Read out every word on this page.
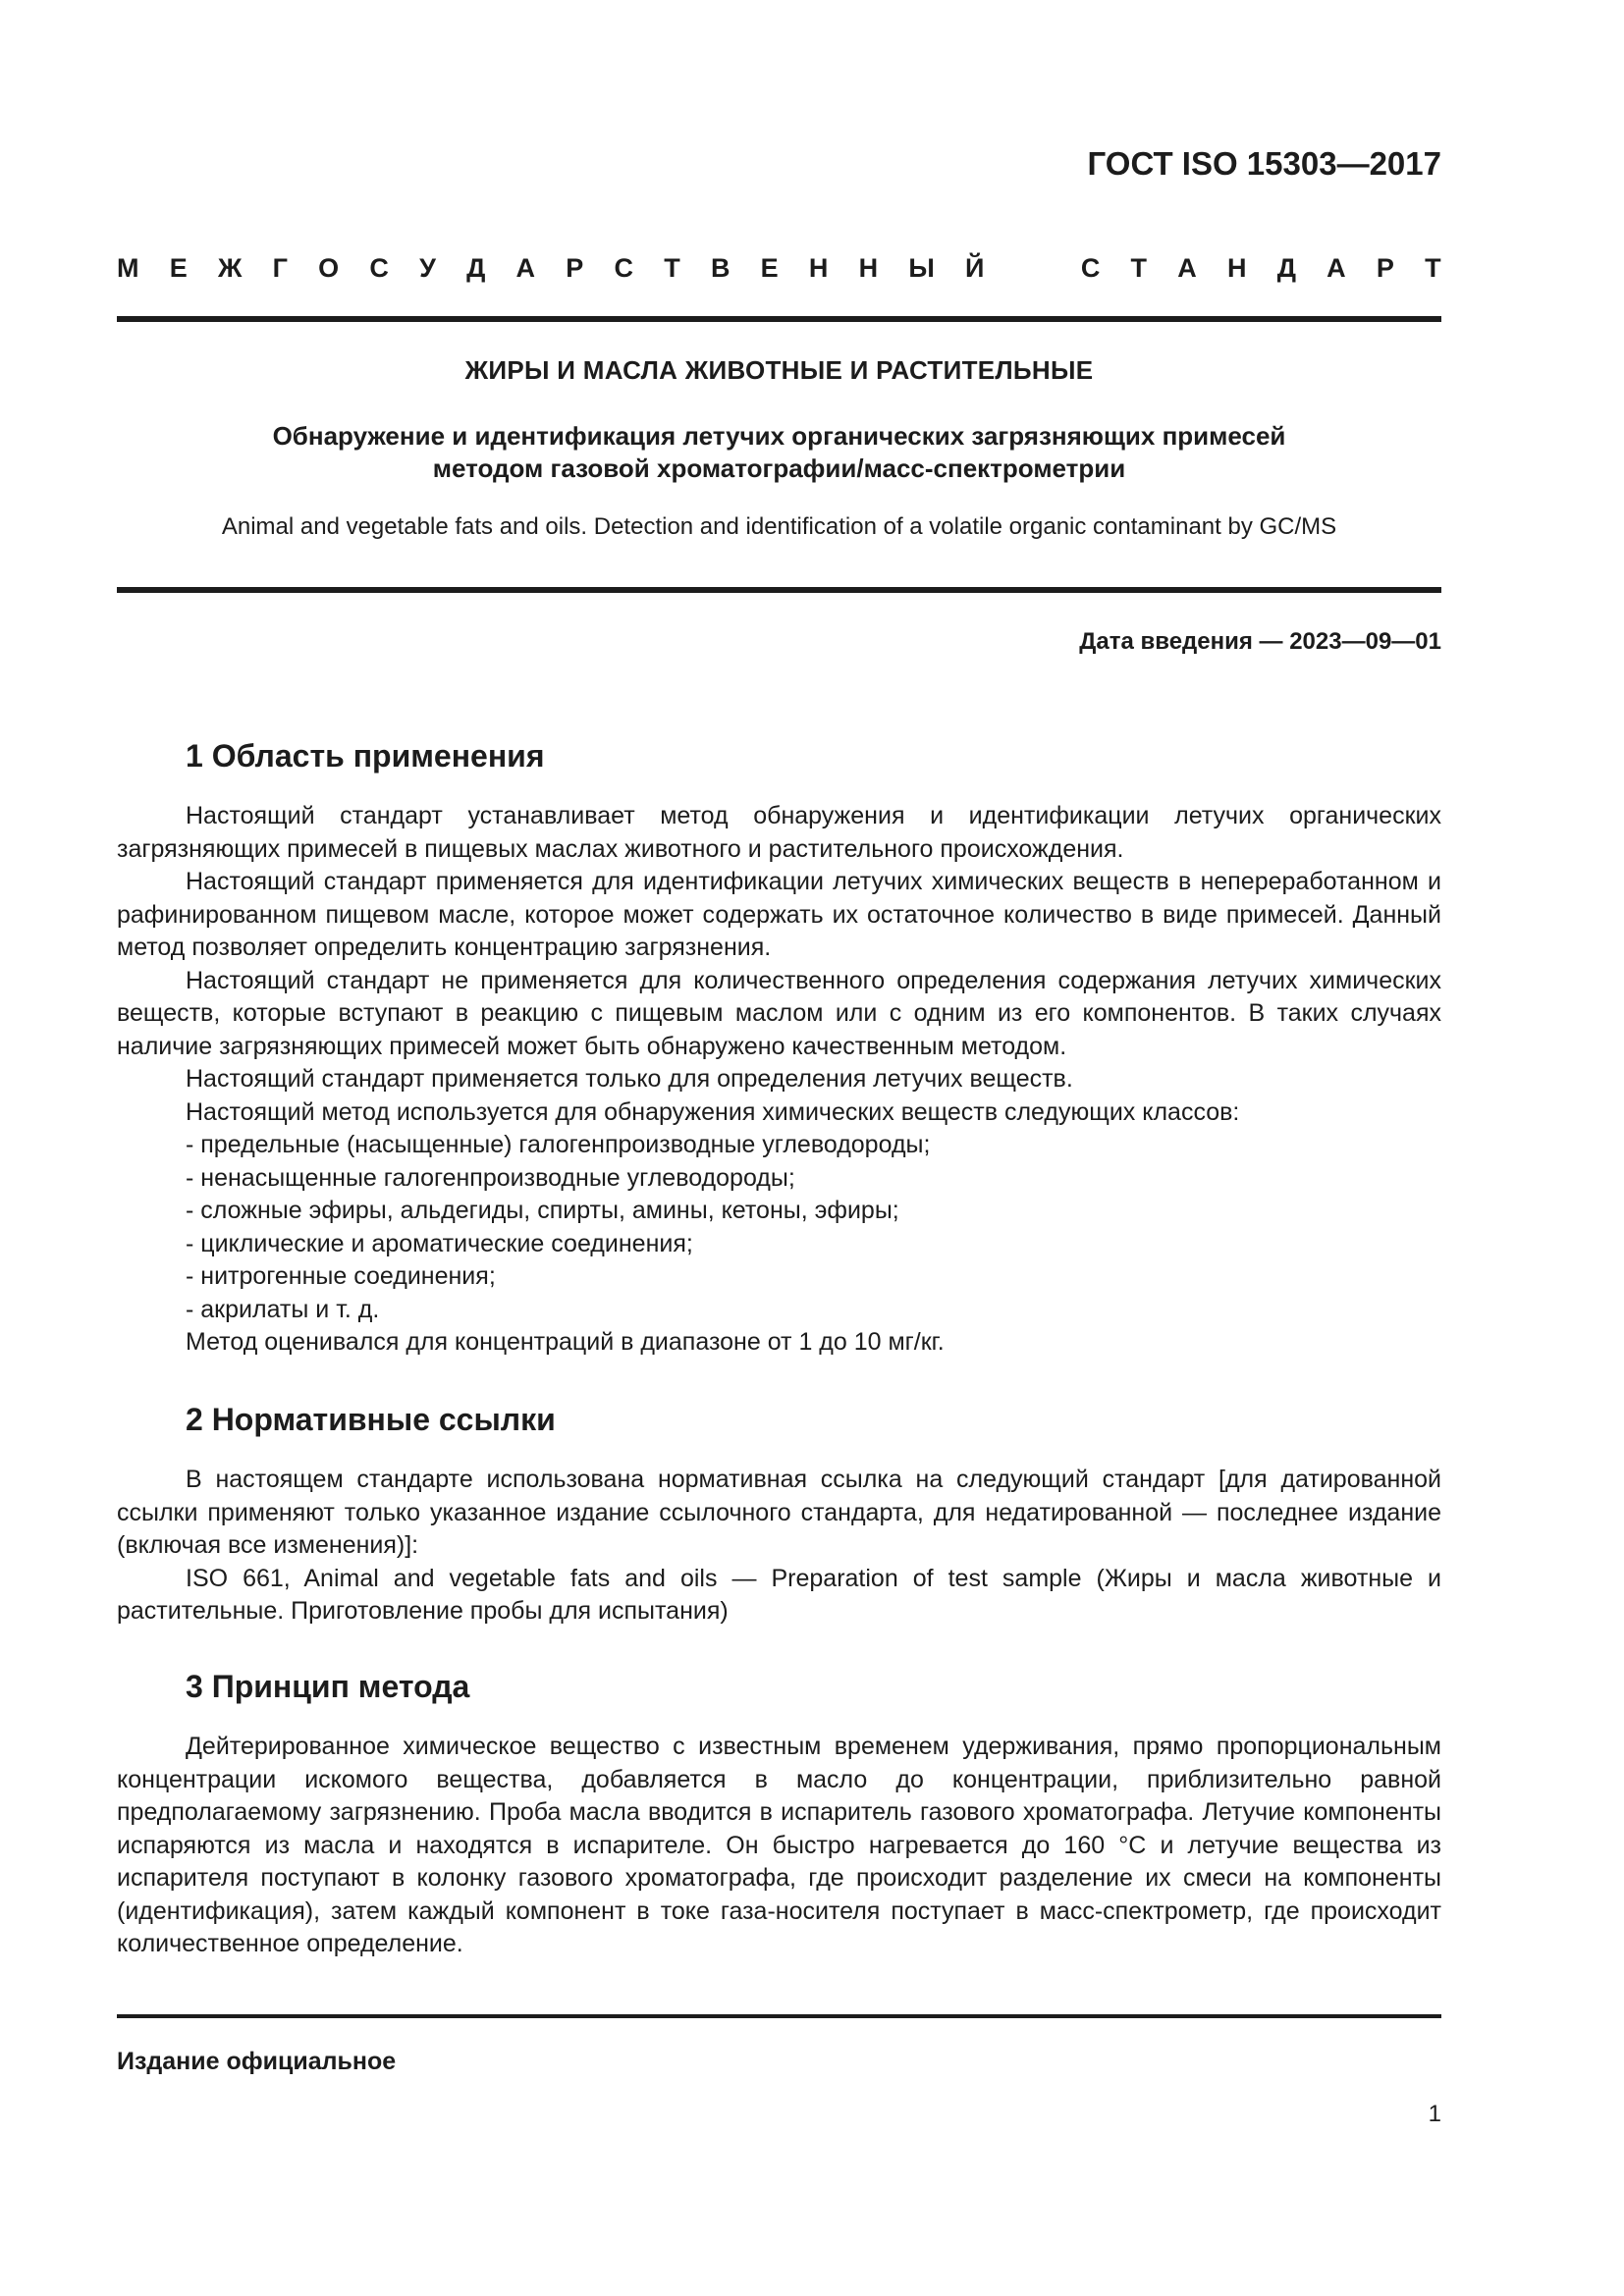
ГОСТ ISO 15303—2017
М Е Ж Г О С У Д А Р С Т В Е Н Н Ы Й	С Т А Н Д А Р Т
ЖИРЫ И МАСЛА ЖИВОТНЫЕ И РАСТИТЕЛЬНЫЕ
Обнаружение и идентификация летучих органических загрязняющих примесей
методом газовой хроматографии/масс-спектрометрии
Animal and vegetable fats and oils. Detection and identification of a volatile organic contaminant by GC/MS
Дата введения — 2023—09—01
1 Область применения

Настоящий стандарт устанавливает метод обнаружения и идентификации летучих органических загрязняющих примесей в пищевых маслах животного и растительного происхождения.

Настоящий стандарт применяется для идентификации летучих химических веществ в непереработанном и рафинированном пищевом масле, которое может содержать их остаточное количество в виде примесей. Данный метод позволяет определить концентрацию загрязнения.

Настоящий стандарт не применяется для количественного определения содержания летучих химических веществ, которые вступают в реакцию с пищевым маслом или с одним из его компонентов. В таких случаях наличие загрязняющих примесей может быть обнаружено качественным методом.

Настоящий стандарт применяется только для определения летучих веществ.

Настоящий метод используется для обнаружения химических веществ следующих классов:

- предельные (насыщенные) галогенпроизводные углеводороды;

- ненасыщенные галогенпроизводные углеводороды;

- сложные эфиры, альдегиды, спирты, амины, кетоны, эфиры;

- циклические и ароматические соединения;

- нитрогенные соединения;

- акрилаты и т. д.

Метод оценивался для концентраций в диапазоне от 1 до 10 мг/кг.

2 Нормативные ссылки

В настоящем стандарте использована нормативная ссылка на следующий стандарт [для датированной ссылки применяют только указанное издание ссылочного стандарта, для недатированной — последнее издание (включая все изменения)]:

ISO 661, Animal and vegetable fats and oils — Preparation of test sample (Жиры и масла животные и растительные. Приготовление пробы для испытания)

3 Принцип метода

Дейтерированное химическое вещество с известным временем удерживания, прямо пропорциональным концентрации искомого вещества, добавляется в масло до концентрации, приблизительно равной предполагаемому загрязнению. Проба масла вводится в испаритель газового хроматографа. Летучие компоненты испаряются из масла и находятся в испарителе. Он быстро нагревается до 160 °С и летучие вещества из испарителя поступают в колонку газового хроматографа, где происходит разделение их смеси на компоненты (идентификация), затем каждый компонент в токе газа-носителя поступает в масс-спектрометр, где происходит количественное определение.

Издание официальное
1
